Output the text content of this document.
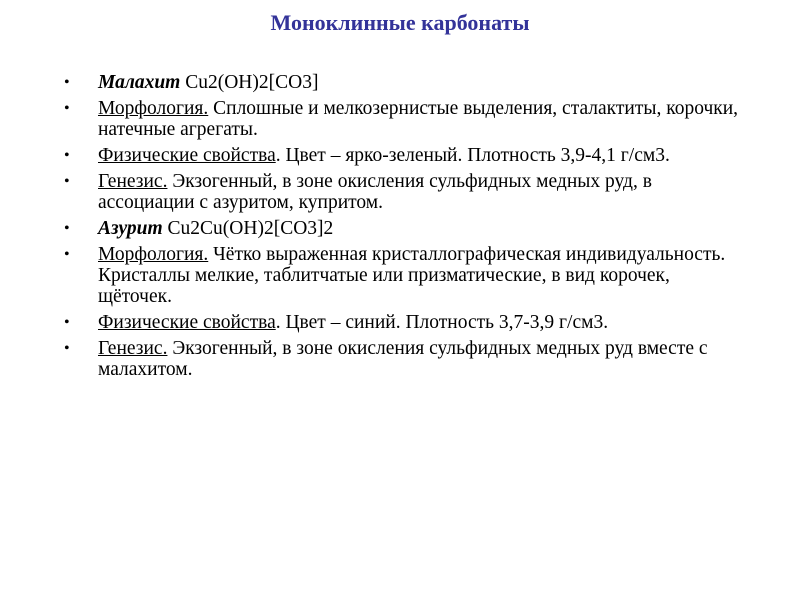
Моноклинные карбонаты
• Малахит Cu2(OH)2[CO3]
• Морфология. Сплошные и мелкозернистые выделения, сталактиты, корочки, натечные агрегаты.
• Физические свойства. Цвет – ярко-зеленый. Плотность 3,9-4,1 г/см3.
• Генезис. Экзогенный, в зоне окисления сульфидных медных руд, в ассоциации с азуритом, купритом.
• Азурит Cu2Cu(OH)2[CO3]2
• Морфология. Чётко выраженная кристаллографическая индивидуальность. Кристаллы мелкие, таблитчатые или призматические, в вид корочек, щёточек.
• Физические свойства. Цвет – синий. Плотность 3,7-3,9 г/см3.
• Генезис. Экзогенный, в зоне окисления сульфидных медных руд вместе с малахитом.
